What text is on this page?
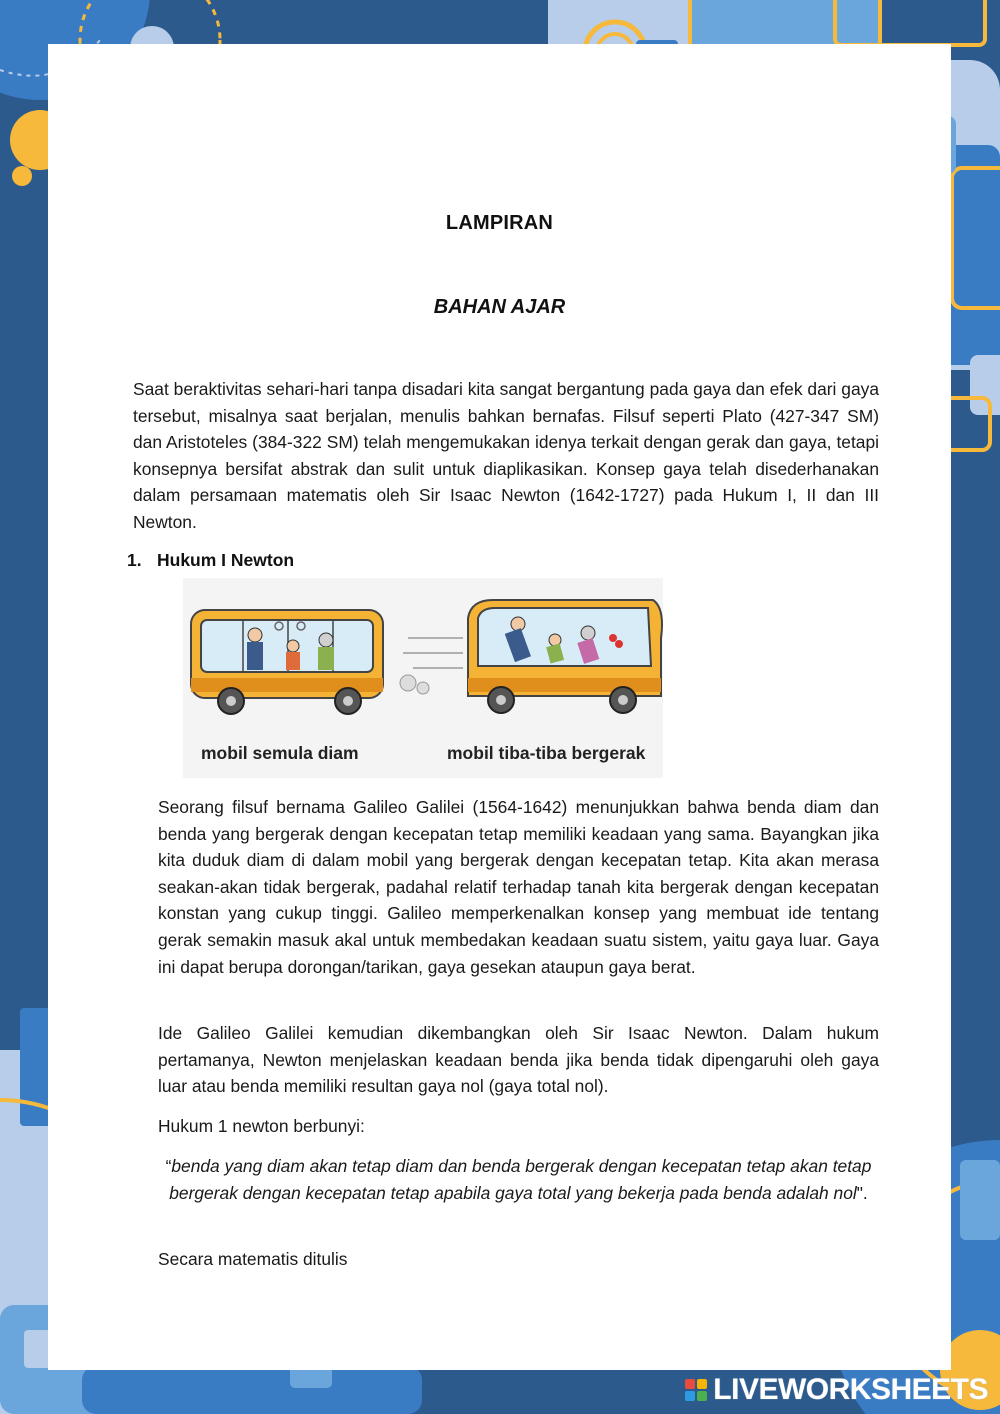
LAMPIRAN
BAHAN AJAR

Saat beraktivitas sehari-hari tanpa disadari kita sangat bergantung pada gaya dan efek dari gaya tersebut, misalnya saat berjalan, menulis bahkan bernafas. Filsuf seperti Plato (427-347 SM) dan Aristoteles (384-322 SM) telah mengemukakan idenya terkait dengan gerak dan gaya, tetapi konsepnya bersifat abstrak dan sulit untuk diaplikasikan. Konsep gaya telah disederhanakan dalam persamaan matematis oleh Sir Isaac Newton (1642-1727) pada Hukum I, II dan III Newton.

1. Hukum I Newton
mobil semula diam	mobil tiba-tiba bergerak

Seorang filsuf bernama Galileo Galilei (1564-1642) menunjukkan bahwa benda diam dan benda yang bergerak dengan kecepatan tetap memiliki keadaan yang sama. Bayangkan jika kita duduk diam di dalam mobil yang bergerak dengan kecepatan tetap. Kita akan merasa seakan-akan tidak bergerak, padahal relatif terhadap tanah kita bergerak dengan kecepatan konstan yang cukup tinggi. Galileo memperkenalkan konsep yang membuat ide tentang gerak semakin masuk akal untuk membedakan keadaan suatu sistem, yaitu gaya luar. Gaya ini dapat berupa dorongan/tarikan, gaya gesekan ataupun gaya berat.

Ide Galileo Galilei kemudian dikembangkan oleh Sir Isaac Newton. Dalam hukum pertamanya, Newton menjelaskan keadaan benda jika benda tidak dipengaruhi oleh gaya luar atau benda memiliki resultan gaya nol (gaya total nol).

Hukum 1 newton berbunyi:

“benda yang diam akan tetap diam dan benda bergerak dengan kecepatan tetap akan tetap bergerak dengan kecepatan tetap apabila gaya total yang bekerja pada benda adalah nol".

Secara matematis ditulis

LIVEWORKSHEETS
